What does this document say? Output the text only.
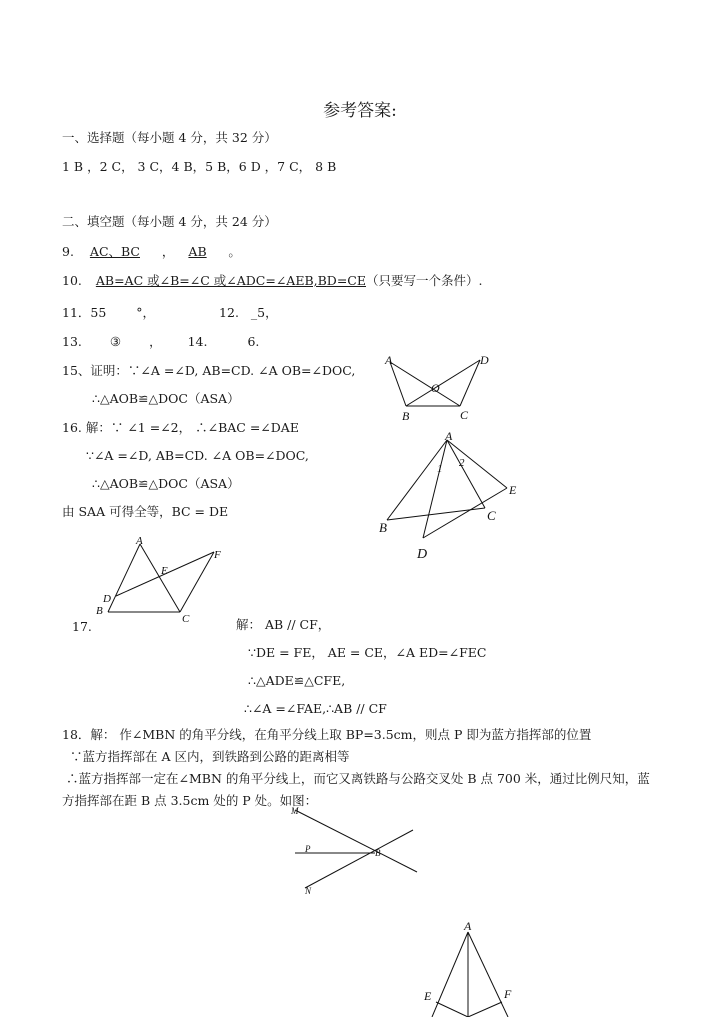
参考答案:
一、选择题（每小题 4 分，共 32 分）
1 B ，2 C， 3 C，4 B，5 B，6 D ，7 C， 8 B
二、填空题（每小题 4 分，共 24 分）
9. AC、BC ， AB 。
10. AB=AC 或∠B=∠C 或∠ADC=∠AEB,BD=CE（只要写一个条件）.
11．55 °，	12. _5，
13. ③ ， 14.	6.
15、证明：∵∠A =∠D, AB=CD. ∠A OB=∠DOC,
∴△AOB≌△DOC（ASA）
16. 解：∵ ∠1 =∠2， ∴∠BAC =∠DAE
∵∠A =∠D, AB=CD. ∠A OB=∠DOC,
∴△AOB≌△DOC（ASA）
由 SAA 可得全等，BC = DE
17.	解： AB // CF，
∵DE = FE， AE = CE，∠A ED=∠FEC
∴△ADE≌△CFE,
∴∠A =∠FAE,∴AB // CF
18．解： 作∠MBN 的角平分线，在角平分线上取 BP=3.5cm，则点 P 即为蓝方指挥部的位置
∵蓝方指挥部在 A 区内，到铁路到公路的距离相等
∴蓝方指挥部一定在∠MBN 的角平分线上，而它又离铁路与公路交叉处 B 点 700 米，通过比例尺知，蓝
方指挥部在距 B 点 3.5cm 处的 P 处。如图：
A	D
O
B	C
A
1 2
E
C
B
D
A
F
E
D
B
C
M
P	B
N
A
E	F
